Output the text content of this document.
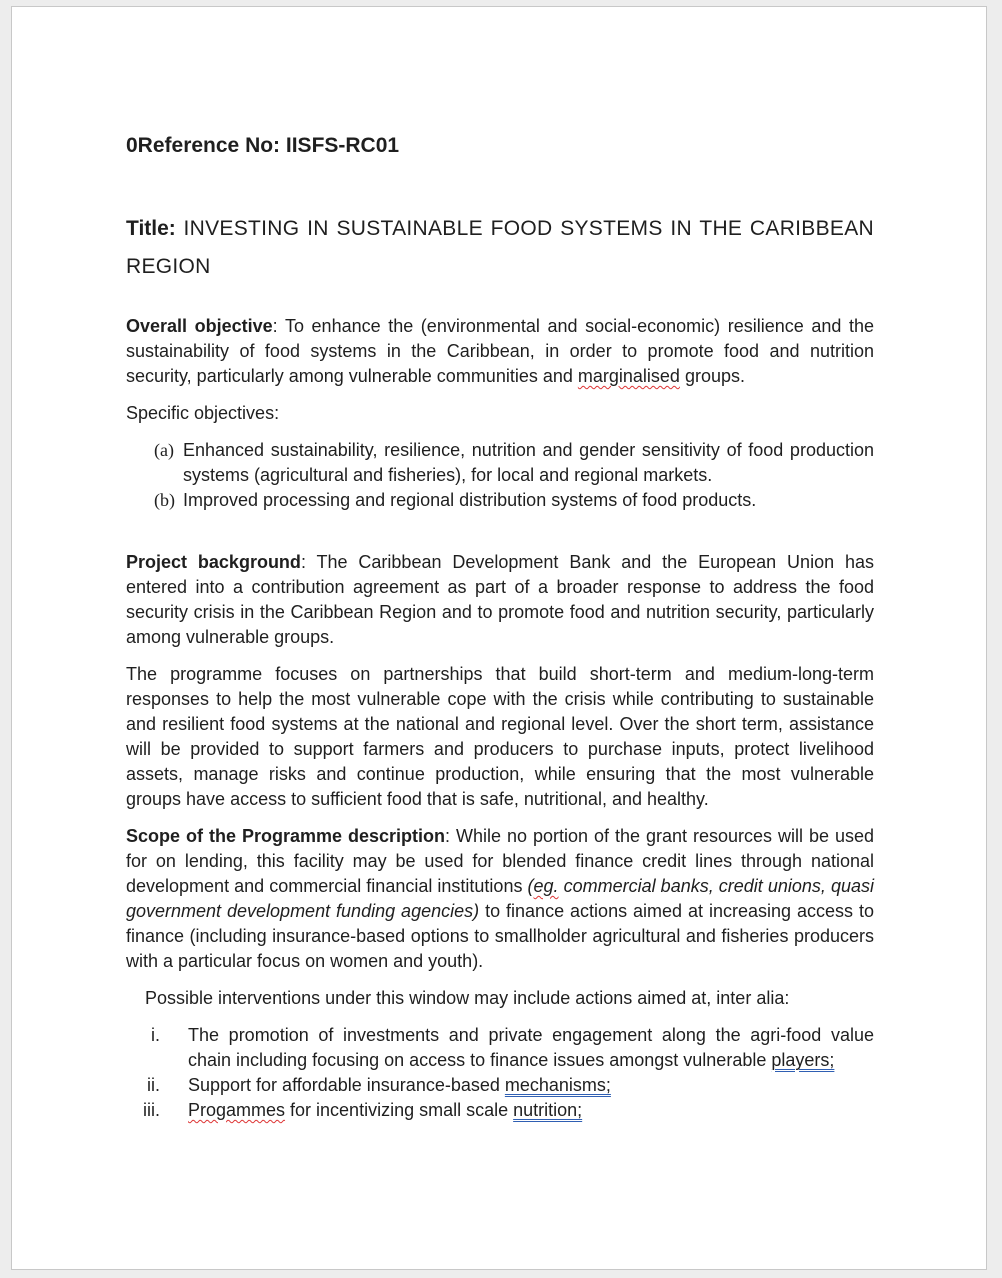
0Reference No: IISFS-RC01

Title: INVESTING IN SUSTAINABLE FOOD SYSTEMS IN THE CARIBBEAN REGION

Overall objective: To enhance the (environmental and social-economic) resilience and the sustainability of food systems in the Caribbean, in order to promote food and nutrition security, particularly among vulnerable communities and marginalised groups.

Specific objectives:

(a) Enhanced sustainability, resilience, nutrition and gender sensitivity of food production systems (agricultural and fisheries), for local and regional markets.
(b) Improved processing and regional distribution systems of food products.

Project background: The Caribbean Development Bank and the European Union has entered into a contribution agreement as part of a broader response to address the food security crisis in the Caribbean Region and to promote food and nutrition security, particularly among vulnerable groups.

The programme focuses on partnerships that build short-term and medium-long-term responses to help the most vulnerable cope with the crisis while contributing to sustainable and resilient food systems at the national and regional level. Over the short term, assistance will be provided to support farmers and producers to purchase inputs, protect livelihood assets, manage risks and continue production, while ensuring that the most vulnerable groups have access to sufficient food that is safe, nutritional, and healthy.

Scope of the Programme description: While no portion of the grant resources will be used for on lending, this facility may be used for blended finance credit lines through national development and commercial financial institutions (eg. commercial banks, credit unions, quasi government development funding agencies) to finance actions aimed at increasing access to finance (including insurance-based options to smallholder agricultural and fisheries producers with a particular focus on women and youth).

Possible interventions under this window may include actions aimed at, inter alia:

i. The promotion of investments and private engagement along the agri-food value chain including focusing on access to finance issues amongst vulnerable players;
ii. Support for affordable insurance-based mechanisms;
iii. Progammes for incentivizing small scale nutrition;
